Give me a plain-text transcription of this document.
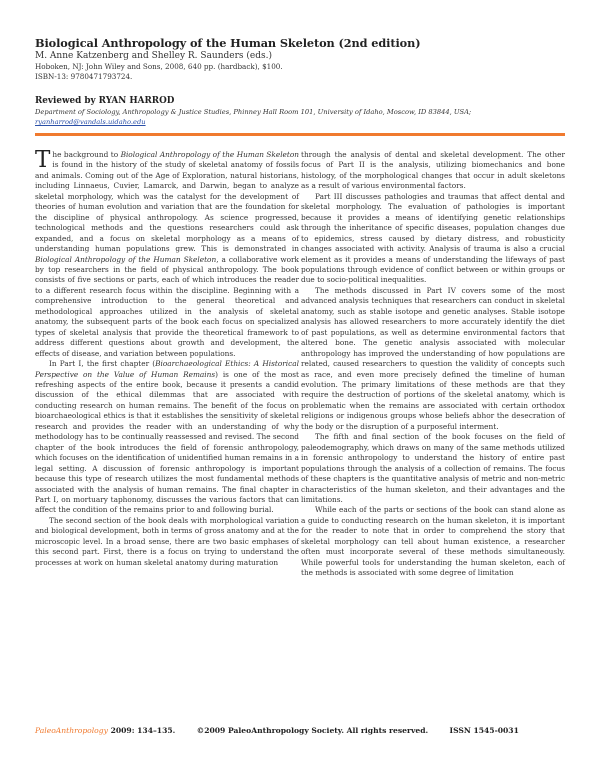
Biological Anthropology of the Human Skeleton (2nd edition)
M. Anne Katzenberg and Shelley R. Saunders (eds.)
Hoboken, NJ: John Wiley and Sons, 2008, 640 pp. (hardback), $100.
ISBN-13: 9780471793724.
Reviewed by RYAN HARROD
Department of Sociology, Anthropology & Justice Studies, Phinney Hall Room 101, University of Idaho, Moscow, ID 83844, USA;
ryanharrod@vandals.uidaho.edu

The background to Biological Anthropology of the Human Skeleton is found in the history of the study of skeletal anatomy of fossils and animals. Coming out of the Age of Exploration, natural historians, including Linnaeus, Cuvier, Lamarck, and Darwin, began to analyze skeletal morphology, which was the catalyst for the development of theories of human evolution and variation that are the foundation for the discipline of physical anthropology. As science progressed, technological methods and the questions researchers could ask expanded, and a focus on skeletal morphology as a means of understanding human populations grew. This is demonstrated in Biological Anthropology of the Human Skeleton, a collaborative work by top researchers in the field of physical anthropology. The book consists of five sections or parts, each of which introduces the reader to a different research focus within the discipline. Beginning with a comprehensive introduction to the general theoretical and methodological approaches utilized in the analysis of skeletal anatomy, the subsequent parts of the book each focus on specialized types of skeletal analysis that provide the theoretical framework to address different questions about growth and development, the effects of disease, and variation between populations.

In Part I, the first chapter (Bioarchaeological Ethics: A Historical Perspective on the Value of Human Remains) is one of the most refreshing aspects of the entire book, because it presents a candid discussion of the ethical dilemmas that are associated with conducting research on human remains. The benefit of the focus on bioarchaeological ethics is that it establishes the sensitivity of skeletal research and provides the reader with an understanding of why methodology has to be continually reassessed and revised. The second chapter of the book introduces the field of forensic anthropology, which focuses on the identification of unidentified human remains in a legal setting. A discussion of forensic anthropology is important because this type of research utilizes the most fundamental methods associated with the analysis of human remains. The final chapter in Part I, on mortuary taphonomy, discusses the various factors that can affect the condition of the remains prior to and following burial.

The second section of the book deals with morphological variation and biological development, both in terms of gross anatomy and at the microscopic level. In a broad sense, there are two basic emphases of this second part. First, there is a focus on trying to understand the processes at work on human skeletal anatomy during maturation

through the analysis of dental and skeletal development. The other focus of Part II is the analysis, utilizing biomechanics and bone histology, of the morphological changes that occur in adult skeletons as a result of various environmental factors.

Part III discusses pathologies and traumas that affect dental and skeletal morphology. The evaluation of pathologies is important because it provides a means of identifying genetic relationships through the inheritance of specific diseases, population changes due to epidemics, stress caused by dietary distress, and robusticity changes associated with activity. Analysis of trauma is also a crucial element as it provides a means of understanding the lifeways of past populations through evidence of conflict between or within groups or due to socio-political inequalities.

The methods discussed in Part IV covers some of the most advanced analysis techniques that researchers can conduct in skeletal anatomy, such as stable isotope and genetic analyses. Stable isotope analysis has allowed researchers to more accurately identify the diet of past populations, as well as determine environmental factors that altered bone. The genetic analysis associated with molecular anthropology has improved the understanding of how populations are related, caused researchers to question the validity of concepts such as race, and even more precisely defined the timeline of human evolution. The primary limitations of these methods are that they require the destruction of portions of the skeletal anatomy, which is problematic when the remains are associated with certain orthodox religions or indigenous groups whose beliefs abhor the desecration of the body or the disruption of a purposeful interment.

The fifth and final section of the book focuses on the field of paleodemography, which draws on many of the same methods utilized in forensic anthropology to understand the history of entire past populations through the analysis of a collection of remains. The focus of these chapters is the quantitative analysis of metric and non-metric characteristics of the human skeleton, and their advantages and the limitations.

While each of the parts or sections of the book can stand alone as a guide to conducting research on the human skeleton, it is important for the reader to note that in order to comprehend the story that skeletal morphology can tell about human existence, a researcher often must incorporate several of these methods simultaneously. While powerful tools for understanding the human skeleton, each of the methods is associated with some degree of limitation

PaleoAnthropology 2009: 134–135.	©2009 PaleoAnthropology Society. All rights reserved.	ISSN 1545-0031
